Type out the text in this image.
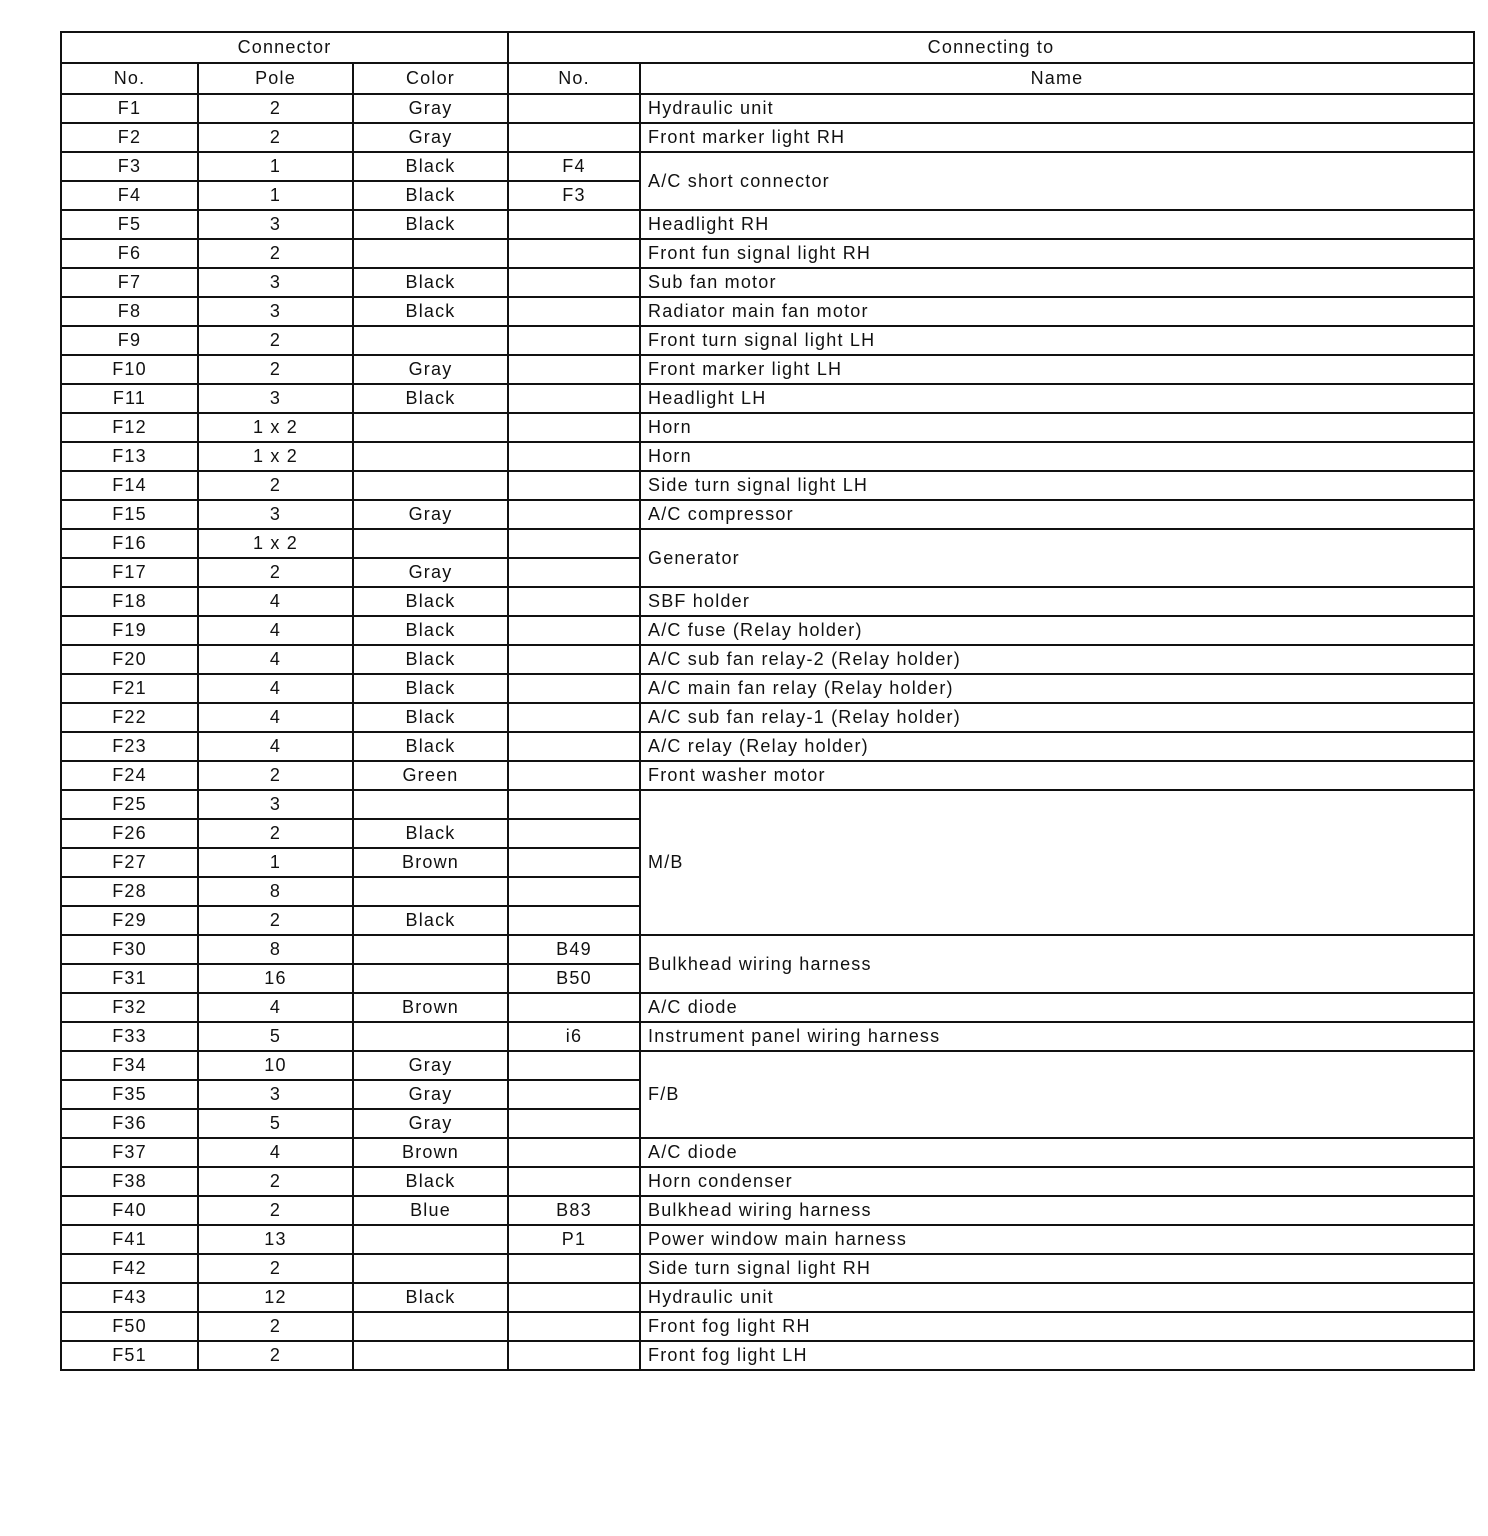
Connector			Connecting to	
No.	Pole	Color	No.	Name
F1	2	Gray		Hydraulic unit
F2	2	Gray		Front marker light RH
F3	1	Black	F4	A/C short connector
F4	1	Black	F3	
F5	3	Black		Headlight RH
F6	2			Front fun signal light RH
F7	3	Black		Sub fan motor
F8	3	Black		Radiator main fan motor
F9	2			Front turn signal light LH
F10	2	Gray		Front marker light LH
F11	3	Black		Headlight LH
F12	1 x 2			Horn
F13	1 x 2			Horn
F14	2			Side turn signal light LH
F15	3	Gray		A/C compressor
F16	1 x 2			Generator
F17	2	Gray		
F18	4	Black		SBF holder
F19	4	Black		A/C fuse (Relay holder)
F20	4	Black		A/C sub fan relay-2 (Relay holder)
F21	4	Black		A/C main fan relay (Relay holder)
F22	4	Black		A/C sub fan relay-1 (Relay holder)
F23	4	Black		A/C relay (Relay holder)
F24	2	Green		Front washer motor
F25	3			M/B
F26	2	Black		
F27	1	Brown		
F28	8			
F29	2	Black		
F30	8		B49	Bulkhead wiring harness
F31	16		B50	
F32	4	Brown		A/C diode
F33	5		i6	Instrument panel wiring harness
F34	10	Gray		F/B
F35	3	Gray		
F36	5	Gray		
F37	4	Brown		A/C diode
F38	2	Black		Horn condenser
F40	2	Blue	B83	Bulkhead wiring harness
F41	13		P1	Power window main harness
F42	2			Side turn signal light RH
F43	12	Black		Hydraulic unit
F50	2			Front fog light RH
F51	2			Front fog light LH
